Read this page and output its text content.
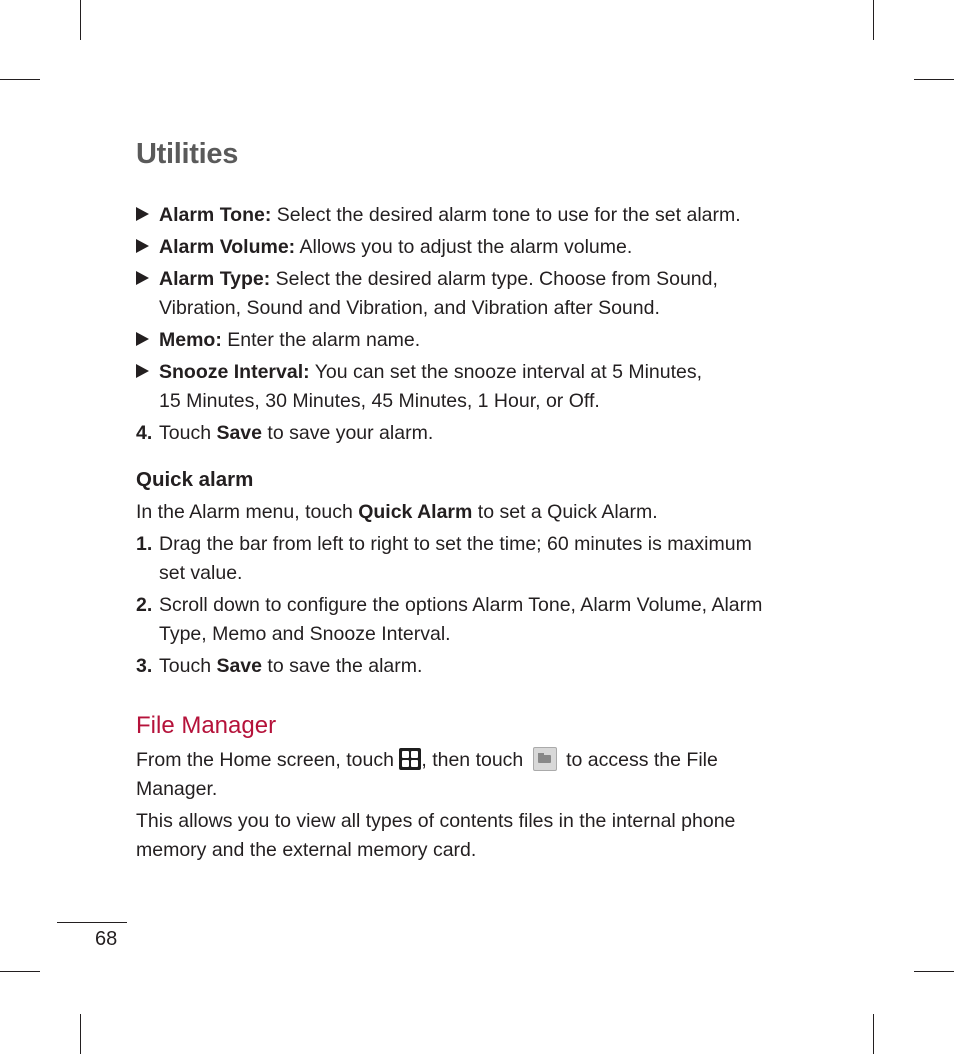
Utilities
Alarm Tone: Select the desired alarm tone to use for the set alarm.
Alarm Volume: Allows you to adjust the alarm volume.
Alarm Type: Select the desired alarm type. Choose from Sound,
Vibration, Sound and Vibration, and Vibration after Sound.
Memo: Enter the alarm name.
Snooze Interval: You can set the snooze interval at 5 Minutes,
15 Minutes, 30 Minutes, 45 Minutes, 1 Hour, or Off.
4. Touch Save to save your alarm.
Quick alarm
In the Alarm menu, touch Quick Alarm to set a Quick Alarm.
1. Drag the bar from left to right to set the time; 60 minutes is maximum
set value.
2. Scroll down to configure the options Alarm Tone, Alarm Volume, Alarm
Type, Memo and Snooze Interval.
3. Touch Save to save the alarm.
File Manager
From the Home screen, touch
, then touch
to access the File
Manager.
This allows you to view all types of contents files in the internal phone
memory and the external memory card.
68
